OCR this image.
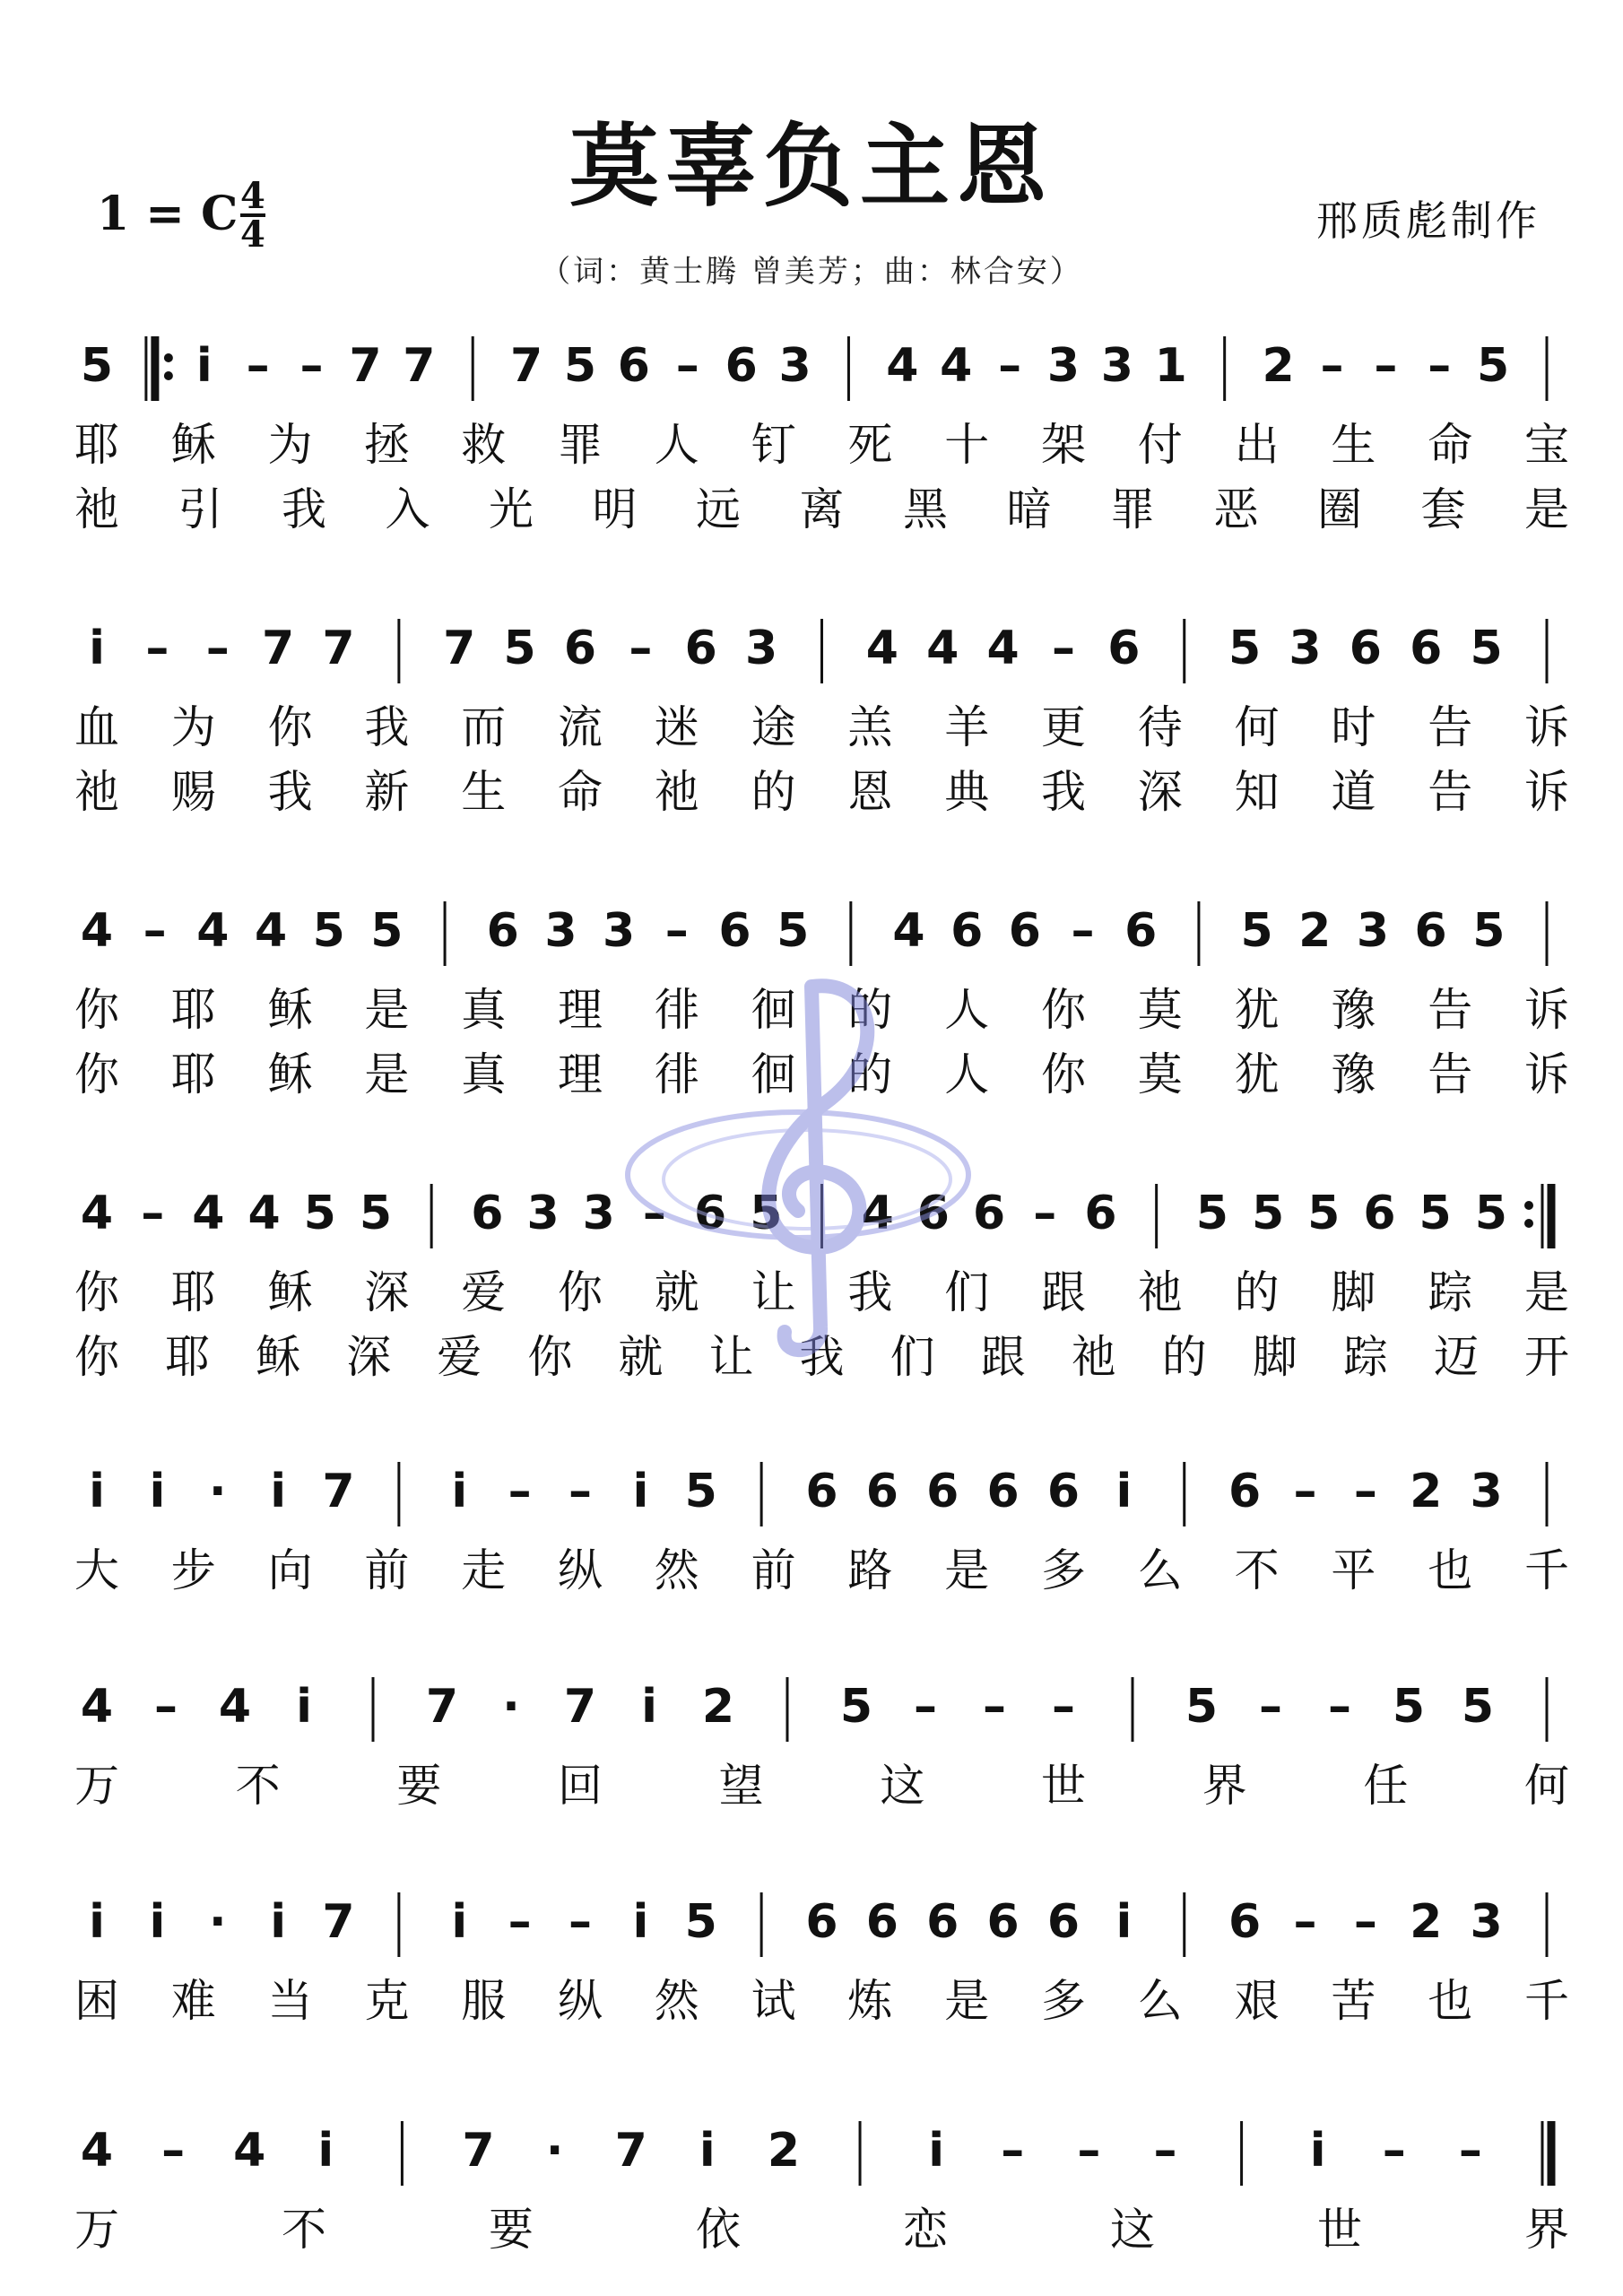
莫辜负主恩
1 = C 4
4	邢质彪制作
（词：黄士腾 曾美芳；曲：林合安）
5 i – – 7 7 7 5 6 – 6 3 4 4 – 3 3 1 2 – – – 5
耶 稣 为 拯 救 罪 人 钉 死 十 架 付 出 生 命 宝
祂 引 我 入 光 明 远 离 黑 暗 罪 恶 圈 套 是
i – – 7 7 7 5 6 – 6 3 4 4 4 – 6 5 3 6 6 5
血 为 你 我 而 流 迷 途 羔 羊 更 待 何 时 告 诉
祂 赐 我 新 生 命 祂 的 恩 典 我 深 知 道 告 诉
4 – 4 4 5 5 6 3 3 – 6 5 4 6 6 – 6 5 2 3 6 5
你 耶 稣 是 真 理 徘 徊 的 人 你 莫 犹 豫 告 诉
你 耶 稣 是 真 理 徘 徊 的 人 你 莫 犹 豫 告 诉
4 – 4 4 5 5 6 3 3 – 6 5 4 6 6 – 6 5 5 5 6 5 5
你 耶 稣 深 爱 你 就 让 我 们 跟 祂 的 脚 踪 是
你 耶 稣 深 爱 你 就 让 我 们 跟 祂 的 脚 踪 迈 开
i i · i 7 i – – i 5 6 6 6 6 6 i 6 – – 2 3
大 步 向 前 走 纵 然 前 路 是 多 么 不 平 也 千
4 – 4 i 7 · 7 i 2 5 – – – 5 – – 5 5
万	不	要	回	望	这	世	界	任	何
i i · i 7 i – – i 5 6 6 6 6 6 i 6 – – 2 3
困 难 当 克 服 纵 然 试 炼 是 多 么 艰 苦 也 千
4 – 4 i	7 · 7 i 2	i – – –	i – –
万	不	要	依	恋	这	世	界
